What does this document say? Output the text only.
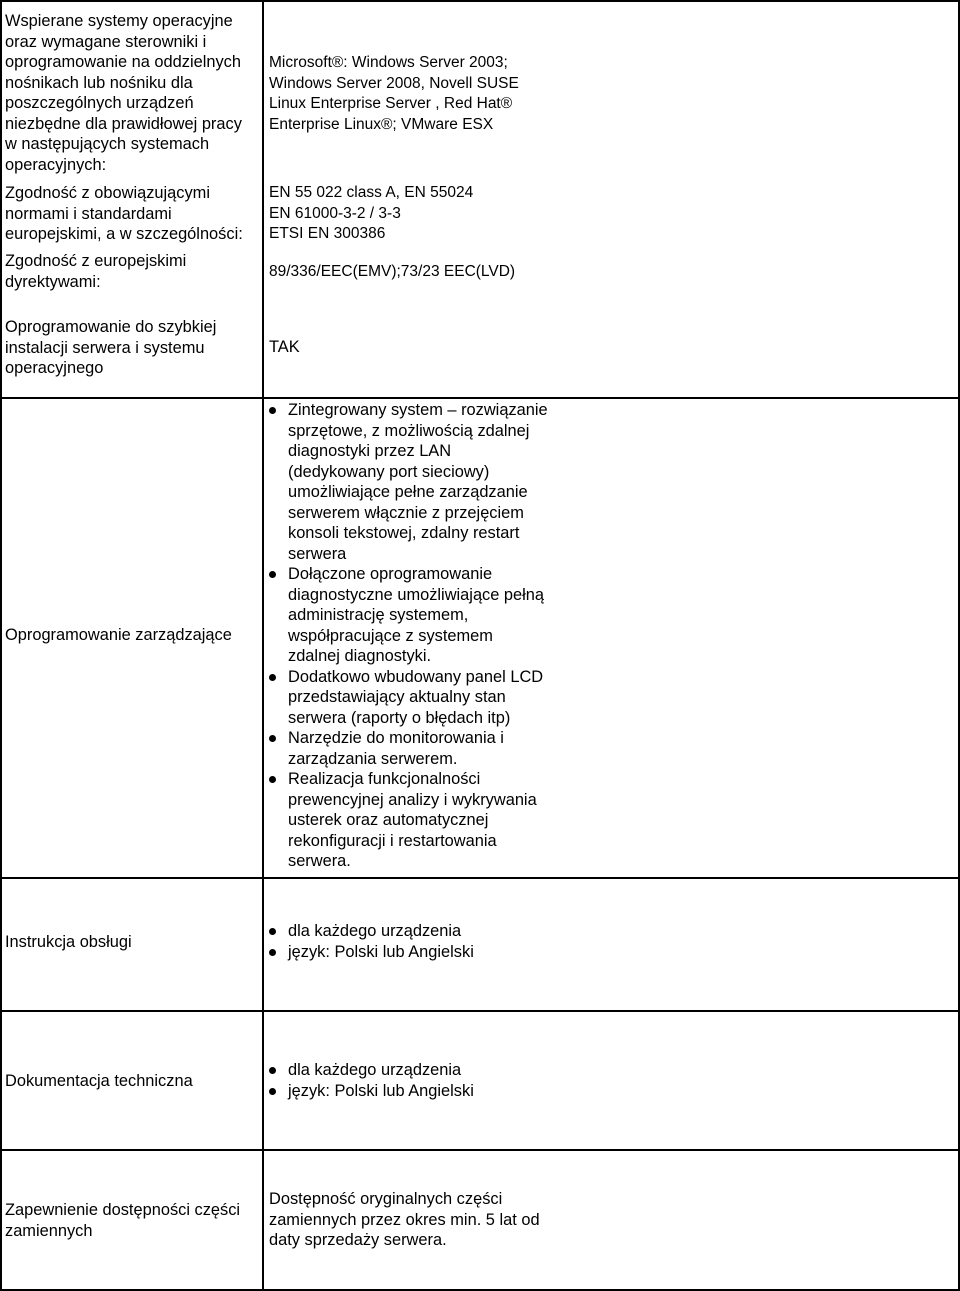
Wspierane systemy operacyjne
oraz wymagane sterowniki i
oprogramowanie na oddzielnych
nośnikach lub nośniku dla
poszczególnych urządzeń
niezbędne dla prawidłowej pracy
w następujących systemach
operacyjnych:
Microsoft®: Windows Server 2003;
Windows Server 2008, Novell SUSE
Linux Enterprise Server , Red Hat®
Enterprise Linux®; VMware ESX
Zgodność z obowiązującymi
normami i standardami
europejskimi, a w szczególności:
EN 55 022 class A, EN 55024
EN 61000-3-2 / 3-3
ETSI EN 300386
Zgodność z europejskimi
dyrektywami:
89/336/EEC(EMV);73/23 EEC(LVD)
Oprogramowanie do szybkiej
instalacji serwera i systemu
operacyjnego
TAK
Oprogramowanie zarządzające
Zintegrowany system – rozwiązanie
sprzętowe, z możliwością zdalnej
diagnostyki przez LAN
(dedykowany port sieciowy)
umożliwiające pełne zarządzanie
serwerem włącznie z przejęciem
konsoli tekstowej, zdalny restart
serwera
Dołączone oprogramowanie
diagnostyczne umożliwiające pełną
administrację systemem,
współpracujące z systemem
zdalnej diagnostyki.
Dodatkowo wbudowany panel LCD
przedstawiający aktualny stan
serwera (raporty o błędach itp)
Narzędzie do monitorowania i
zarządzania serwerem.
Realizacja funkcjonalności
prewencyjnej analizy i wykrywania
usterek oraz automatycznej
rekonfiguracji i restartowania
serwera.
Instrukcja obsługi
dla każdego urządzenia
język: Polski lub Angielski
Dokumentacja techniczna
dla każdego urządzenia
język: Polski lub Angielski
Zapewnienie dostępności części
zamiennych
Dostępność oryginalnych części
zamiennych przez okres min. 5 lat od
daty sprzedaży serwera.
